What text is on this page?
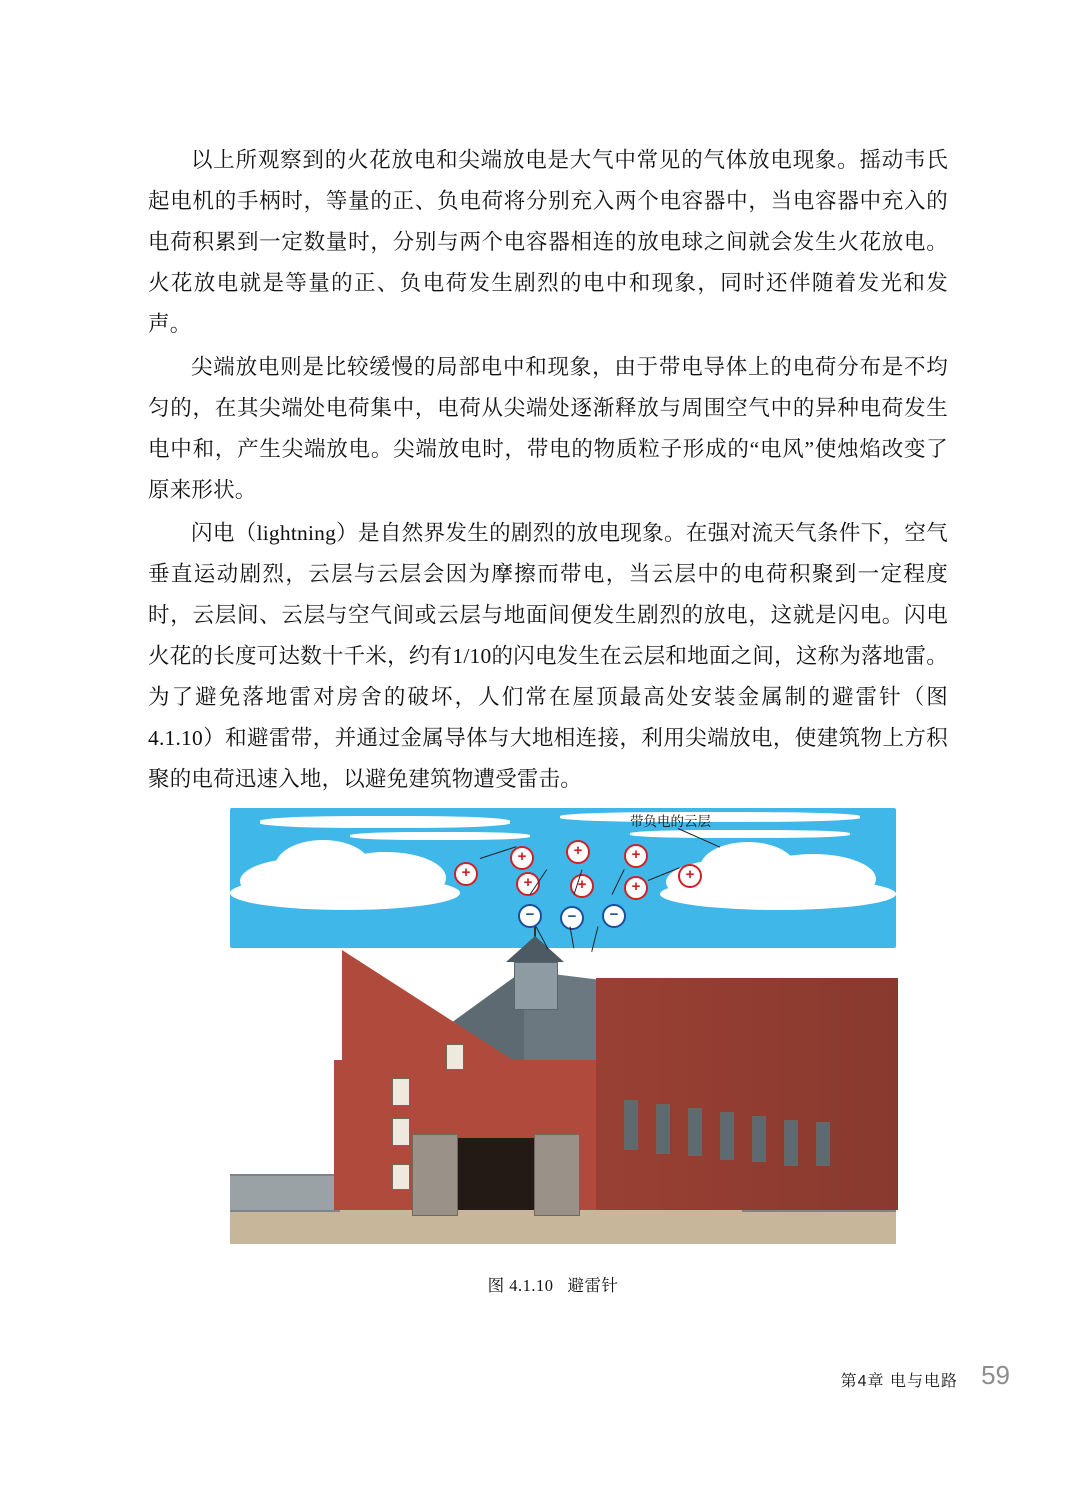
以上所观察到的火花放电和尖端放电是大气中常见的气体放电现象。摇动韦氏起电机的手柄时，等量的正、负电荷将分别充入两个电容器中，当电容器中充入的电荷积累到一定数量时，分别与两个电容器相连的放电球之间就会发生火花放电。火花放电就是等量的正、负电荷发生剧烈的电中和现象，同时还伴随着发光和发声。

尖端放电则是比较缓慢的局部电中和现象，由于带电导体上的电荷分布是不均匀的，在其尖端处电荷集中，电荷从尖端处逐渐释放与周围空气中的异种电荷发生电中和，产生尖端放电。尖端放电时，带电的物质粒子形成的“电风”使烛焰改变了原来形状。

闪电（lightning）是自然界发生的剧烈的放电现象。在强对流天气条件下，空气垂直运动剧烈，云层与云层会因为摩擦而带电，当云层中的电荷积聚到一定程度时，云层间、云层与空气间或云层与地面间便发生剧烈的放电，这就是闪电。闪电火花的长度可达数十千米，约有1/10的闪电发生在云层和地面之间，这称为落地雷。为了避免落地雷对房舍的破坏，人们常在屋顶最高处安装金属制的避雷针（图4.1.10）和避雷带，并通过金属导体与大地相连接，利用尖端放电，使建筑物上方积聚的电荷迅速入地，以避免建筑物遭受雷击。

带负电的云层
+	+	+
+
+	+	+
+
−	−	−
图 4.1.10 避雷针
第4章 电与电路 59
